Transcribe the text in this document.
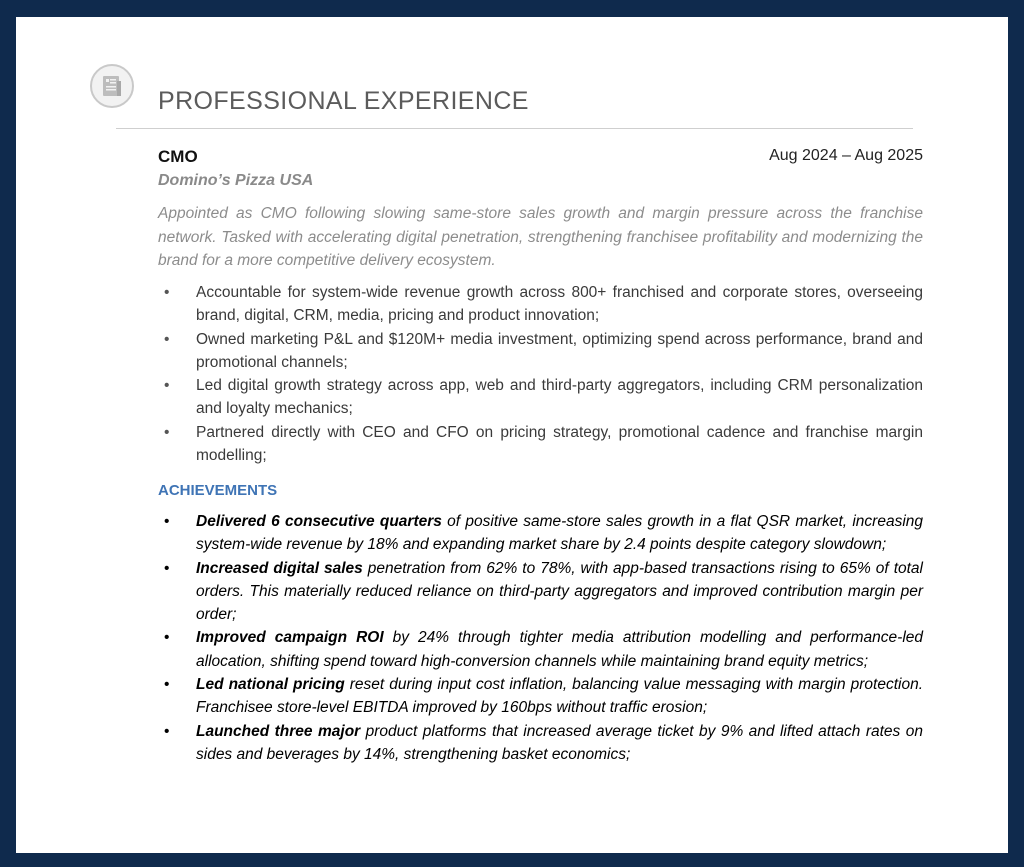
PROFESSIONAL EXPERIENCE
CMO	Aug 2024 – Aug 2025
Domino’s Pizza USA

Appointed as CMO following slowing same-store sales growth and margin pressure across the franchise network. Tasked with accelerating digital penetration, strengthening franchisee profitability and modernizing the brand for a more competitive delivery ecosystem.

• Accountable for system-wide revenue growth across 800+ franchised and corporate stores, overseeing brand, digital, CRM, media, pricing and product innovation;
• Owned marketing P&L and $120M+ media investment, optimizing spend across performance, brand and promotional channels;
• Led digital growth strategy across app, web and third-party aggregators, including CRM personalization and loyalty mechanics;
• Partnered directly with CEO and CFO on pricing strategy, promotional cadence and franchise margin modelling;
ACHIEVEMENTS
• Delivered 6 consecutive quarters of positive same-store sales growth in a flat QSR market, increasing system-wide revenue by 18% and expanding market share by 2.4 points despite category slowdown;
• Increased digital sales penetration from 62% to 78%, with app-based transactions rising to 65% of total orders. This materially reduced reliance on third-party aggregators and improved contribution margin per order;
• Improved campaign ROI by 24% through tighter media attribution modelling and performance-led allocation, shifting spend toward high-conversion channels while maintaining brand equity metrics;
• Led national pricing reset during input cost inflation, balancing value messaging with margin protection. Franchisee store-level EBITDA improved by 160bps without traffic erosion;
• Launched three major product platforms that increased average ticket by 9% and lifted attach rates on sides and beverages by 14%, strengthening basket economics;
